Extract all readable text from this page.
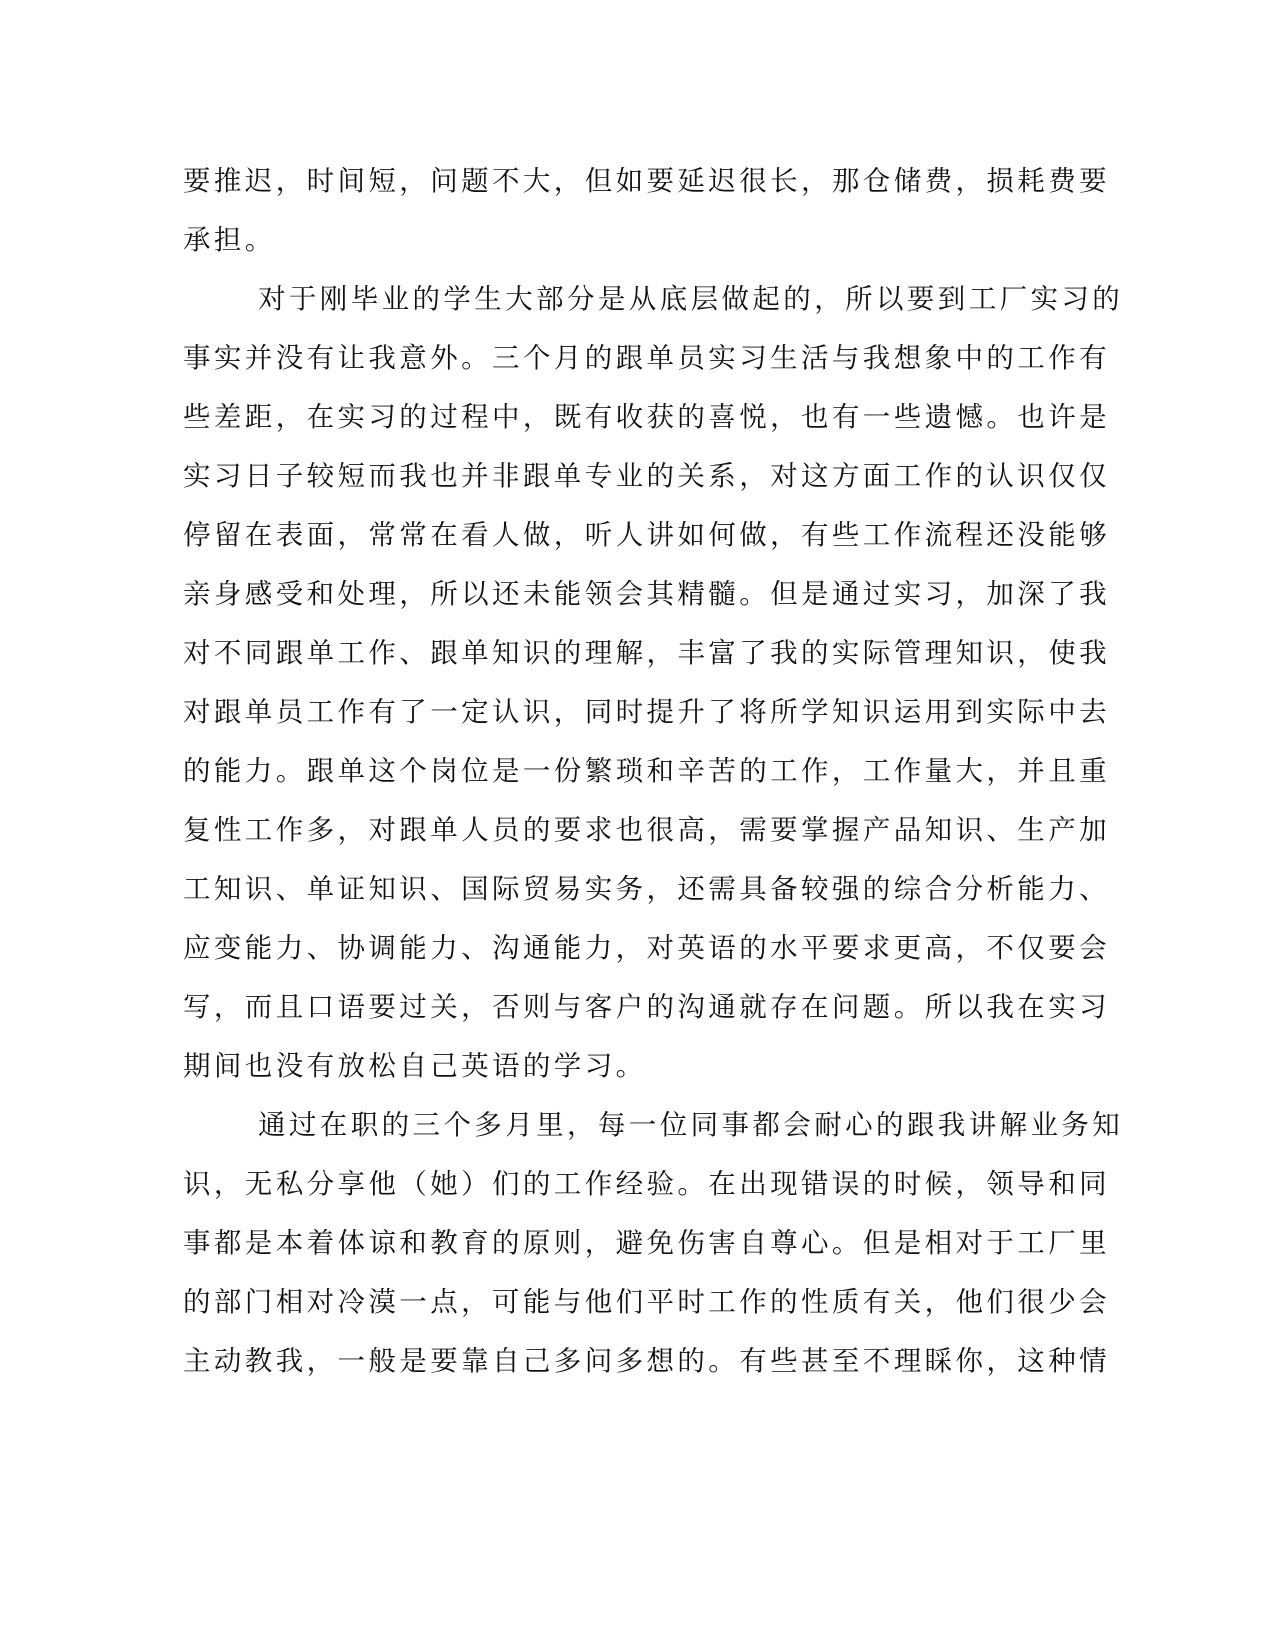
要推迟，时间短，问题不大，但如要延迟很长，那仓储费，损耗费要
承担。
对于刚毕业的学生大部分是从底层做起的，所以要到工厂实习的
事实并没有让我意外。三个月的跟单员实习生活与我想象中的工作有
些差距，在实习的过程中，既有收获的喜悦，也有一些遗憾。也许是
实习日子较短而我也并非跟单专业的关系，对这方面工作的认识仅仅
停留在表面，常常在看人做，听人讲如何做，有些工作流程还没能够
亲身感受和处理，所以还未能领会其精髓。但是通过实习，加深了我
对不同跟单工作、跟单知识的理解，丰富了我的实际管理知识，使我
对跟单员工作有了一定认识，同时提升了将所学知识运用到实际中去
的能力。跟单这个岗位是一份繁琐和辛苦的工作，工作量大，并且重
复性工作多，对跟单人员的要求也很高，需要掌握产品知识、生产加
工知识、单证知识、国际贸易实务，还需具备较强的综合分析能力、
应变能力、协调能力、沟通能力，对英语的水平要求更高，不仅要会
写，而且口语要过关，否则与客户的沟通就存在问题。所以我在实习
期间也没有放松自己英语的学习。
通过在职的三个多月里，每一位同事都会耐心的跟我讲解业务知
识，无私分享他（她）们的工作经验。在出现错误的时候，领导和同
事都是本着体谅和教育的原则，避免伤害自尊心。但是相对于工厂里
的部门相对冷漠一点，可能与他们平时工作的性质有关，他们很少会
主动教我，一般是要靠自己多问多想的。有些甚至不理睬你，这种情
